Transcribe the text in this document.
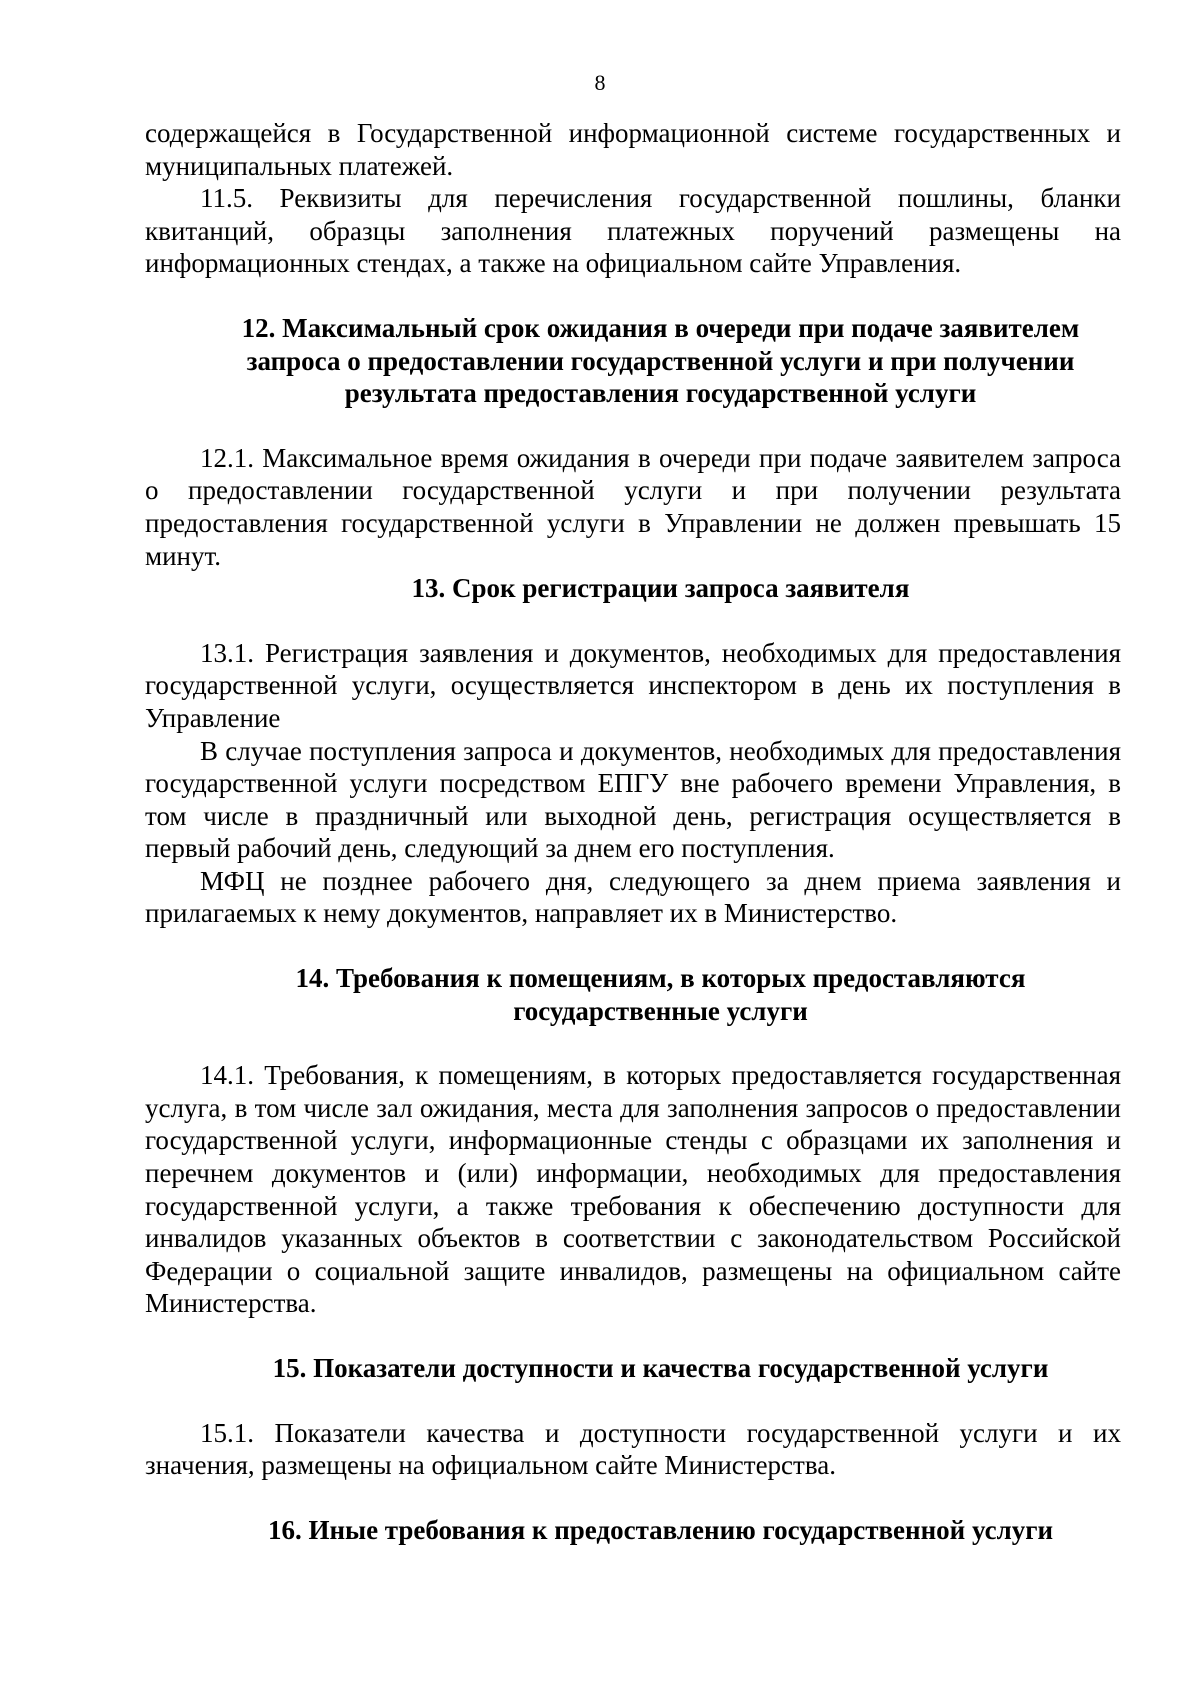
8

содержащейся в Государственной информационной системе государственных и муниципальных платежей.

11.5. Реквизиты для перечисления государственной пошлины, бланки квитанций, образцы заполнения платежных поручений размещены на информационных стендах, а также на официальном сайте Управления.

12. Максимальный срок ожидания в очереди при подаче заявителем запроса о предоставлении государственной услуги и при получении результата предоставления государственной услуги

12.1. Максимальное время ожидания в очереди при подаче заявителем запроса о предоставлении государственной услуги и при получении результата предоставления государственной услуги в Управлении не должен превышать 15 минут.

13. Срок регистрации запроса заявителя

13.1. Регистрация заявления и документов, необходимых для предоставления государственной услуги, осуществляется инспектором в день их поступления в Управление

В случае поступления запроса и документов, необходимых для предоставления государственной услуги посредством ЕПГУ вне рабочего времени Управления, в том числе в праздничный или выходной день, регистрация осуществляется в первый рабочий день, следующий за днем его поступления.

МФЦ не позднее рабочего дня, следующего за днем приема заявления и прилагаемых к нему документов, направляет их в Министерство.

14. Требования к помещениям, в которых предоставляются государственные услуги

14.1. Требования, к помещениям, в которых предоставляется государственная услуга, в том числе зал ожидания, места для заполнения запросов о предоставлении государственной услуги, информационные стенды с образцами их заполнения и перечнем документов и (или) информации, необходимых для предоставления государственной услуги, а также требования к обеспечению доступности для инвалидов указанных объектов в соответствии с законодательством Российской Федерации о социальной защите инвалидов, размещены на официальном сайте Министерства.

15. Показатели доступности и качества государственной услуги

15.1. Показатели качества и доступности государственной услуги и их значения, размещены на официальном сайте Министерства.

16. Иные требования к предоставлению государственной услуги
